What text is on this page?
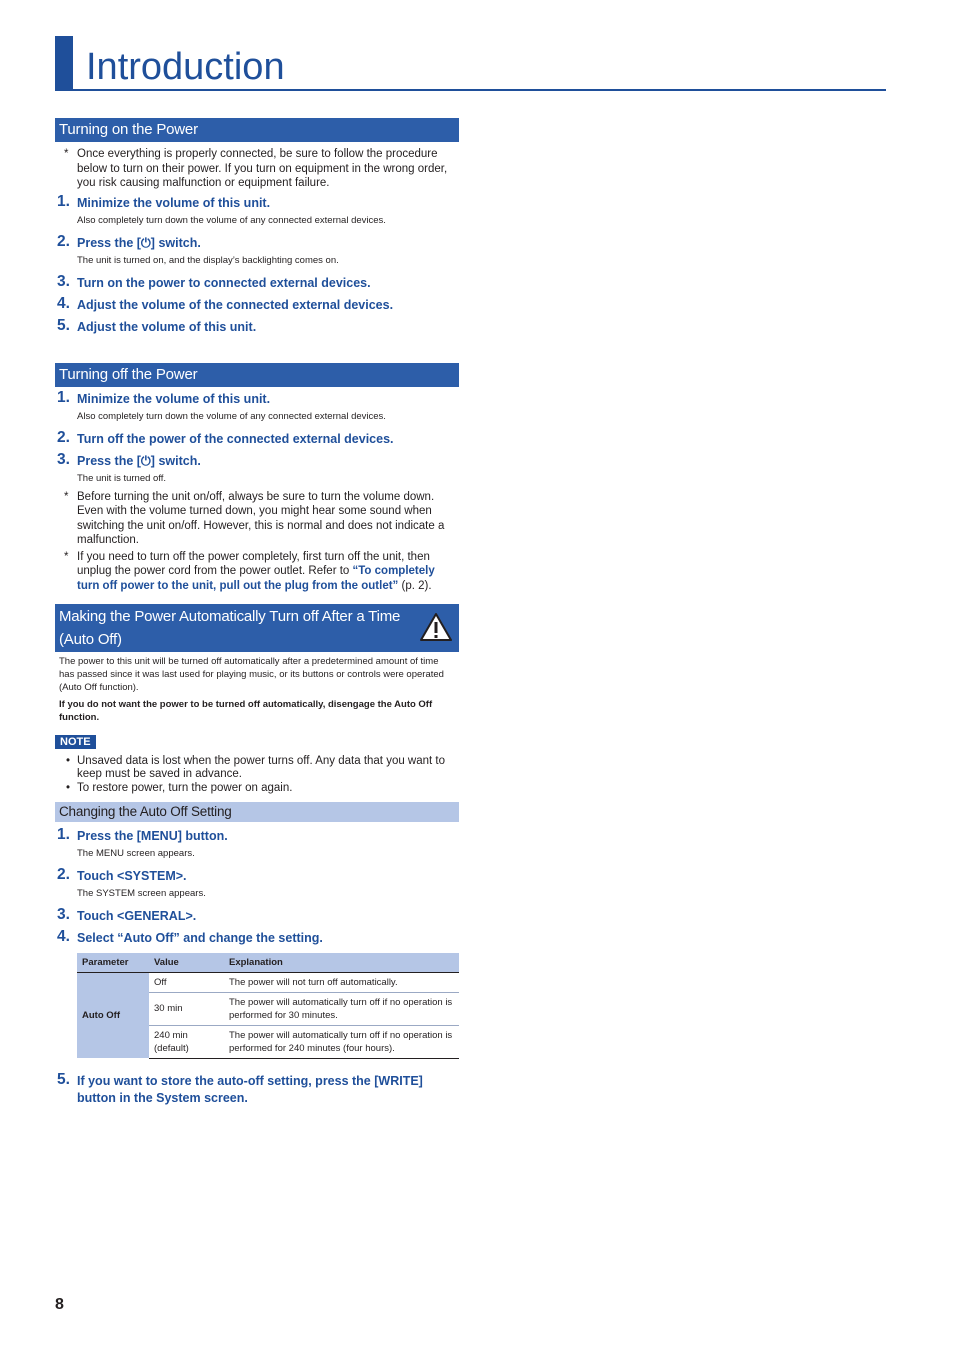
Introduction
Turning on the Power
* Once everything is properly connected, be sure to follow the procedure below to turn on their power. If you turn on equipment in the wrong order, you risk causing malfunction or equipment failure.
1. Minimize the volume of this unit.
Also completely turn down the volume of any connected external devices.
2. Press the [⏻] switch.
The unit is turned on, and the display’s backlighting comes on.
3. Turn on the power to connected external devices.
4. Adjust the volume of the connected external devices.
5. Adjust the volume of this unit.
Turning off the Power
1. Minimize the volume of this unit.
Also completely turn down the volume of any connected external devices.
2. Turn off the power of the connected external devices.
3. Press the [⏻] switch.
The unit is turned off.
* Before turning the unit on/off, always be sure to turn the volume down. Even with the volume turned down, you might hear some sound when switching the unit on/off. However, this is normal and does not indicate a malfunction.
* If you need to turn off the power completely, first turn off the unit, then unplug the power cord from the power outlet. Refer to “To completely turn off power to the unit, pull out the plug from the outlet” (p. 2).
Making the Power Automatically Turn off After a Time
(Auto Off)
The power to this unit will be turned off automatically after a predetermined amount of time has passed since it was last used for playing music, or its buttons or controls were operated (Auto Off function).
If you do not want the power to be turned off automatically, disengage the Auto Off function.
NOTE
• Unsaved data is lost when the power turns off. Any data that you want to keep must be saved in advance.
• To restore power, turn the power on again.
Changing the Auto Off Setting
1. Press the [MENU] button.
The MENU screen appears.
2. Touch <SYSTEM>.
The SYSTEM screen appears.
3. Touch <GENERAL>.
4. Select “Auto Off” and change the setting.
Parameter	Value	Explanation
Auto Off	Off	The power will not turn off automatically.
	30 min	The power will automatically turn off if no operation is performed for 30 minutes.
	240 min (default)	The power will automatically turn off if no operation is performed for 240 minutes (four hours).
5. If you want to store the auto-off setting, press the [WRITE] button in the System screen.
8
